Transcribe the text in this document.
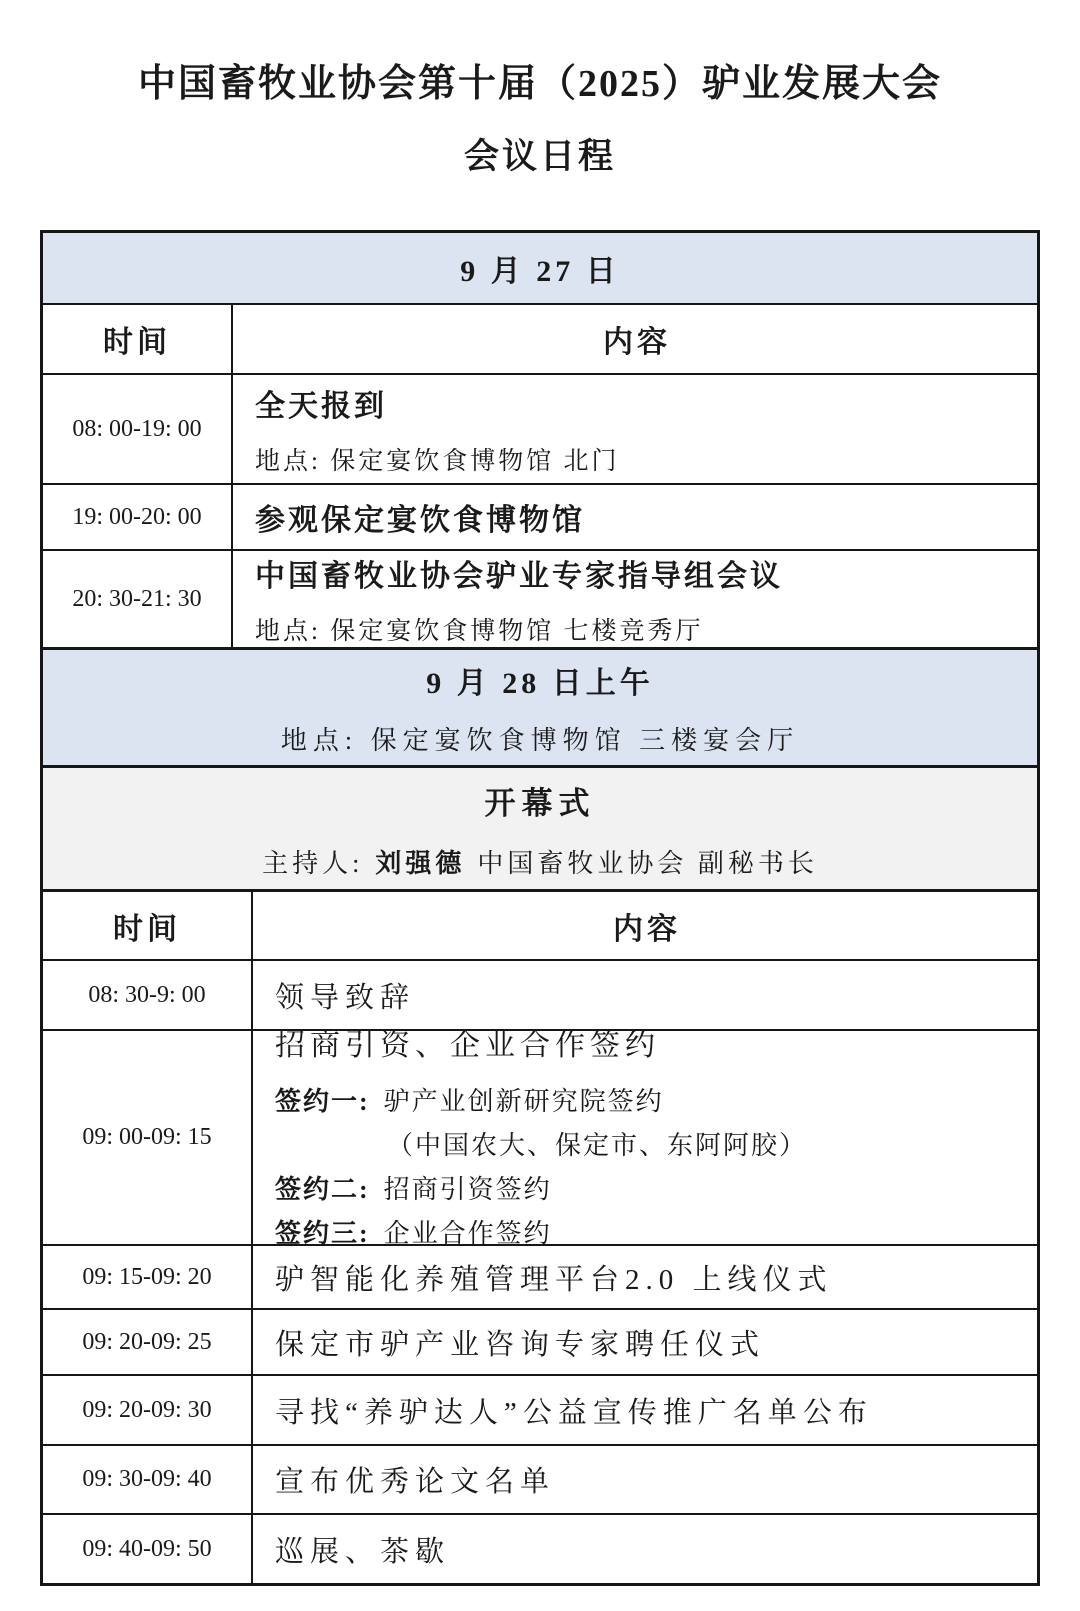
中国畜牧业协会第十届（2025）驴业发展大会
会议日程
9 月 27 日
时间	内容
08: 00-19: 00
全天报到
地点: 保定宴饮食博物馆 北门
19: 00-20: 00	参观保定宴饮食博物馆
20: 30-21: 30
中国畜牧业协会驴业专家指导组会议
地点: 保定宴饮食博物馆 七楼竞秀厅
9 月 28 日上午
地点: 保定宴饮食博物馆 三楼宴会厅
开幕式
主持人: 刘强德 中国畜牧业协会 副秘书长
时间	内容
08: 30-9: 00	领导致辞
09: 00-09: 15
招商引资、企业合作签约
签约一: 驴产业创新研究院签约
（中国农大、保定市、东阿阿胶）
签约二: 招商引资签约
签约三: 企业合作签约
09: 15-09: 20	驴智能化养殖管理平台2.0 上线仪式
09: 20-09: 25	保定市驴产业咨询专家聘任仪式
09: 20-09: 30	寻找“养驴达人”公益宣传推广名单公布
09: 30-09: 40	宣布优秀论文名单
09: 40-09: 50	巡展、茶歇
